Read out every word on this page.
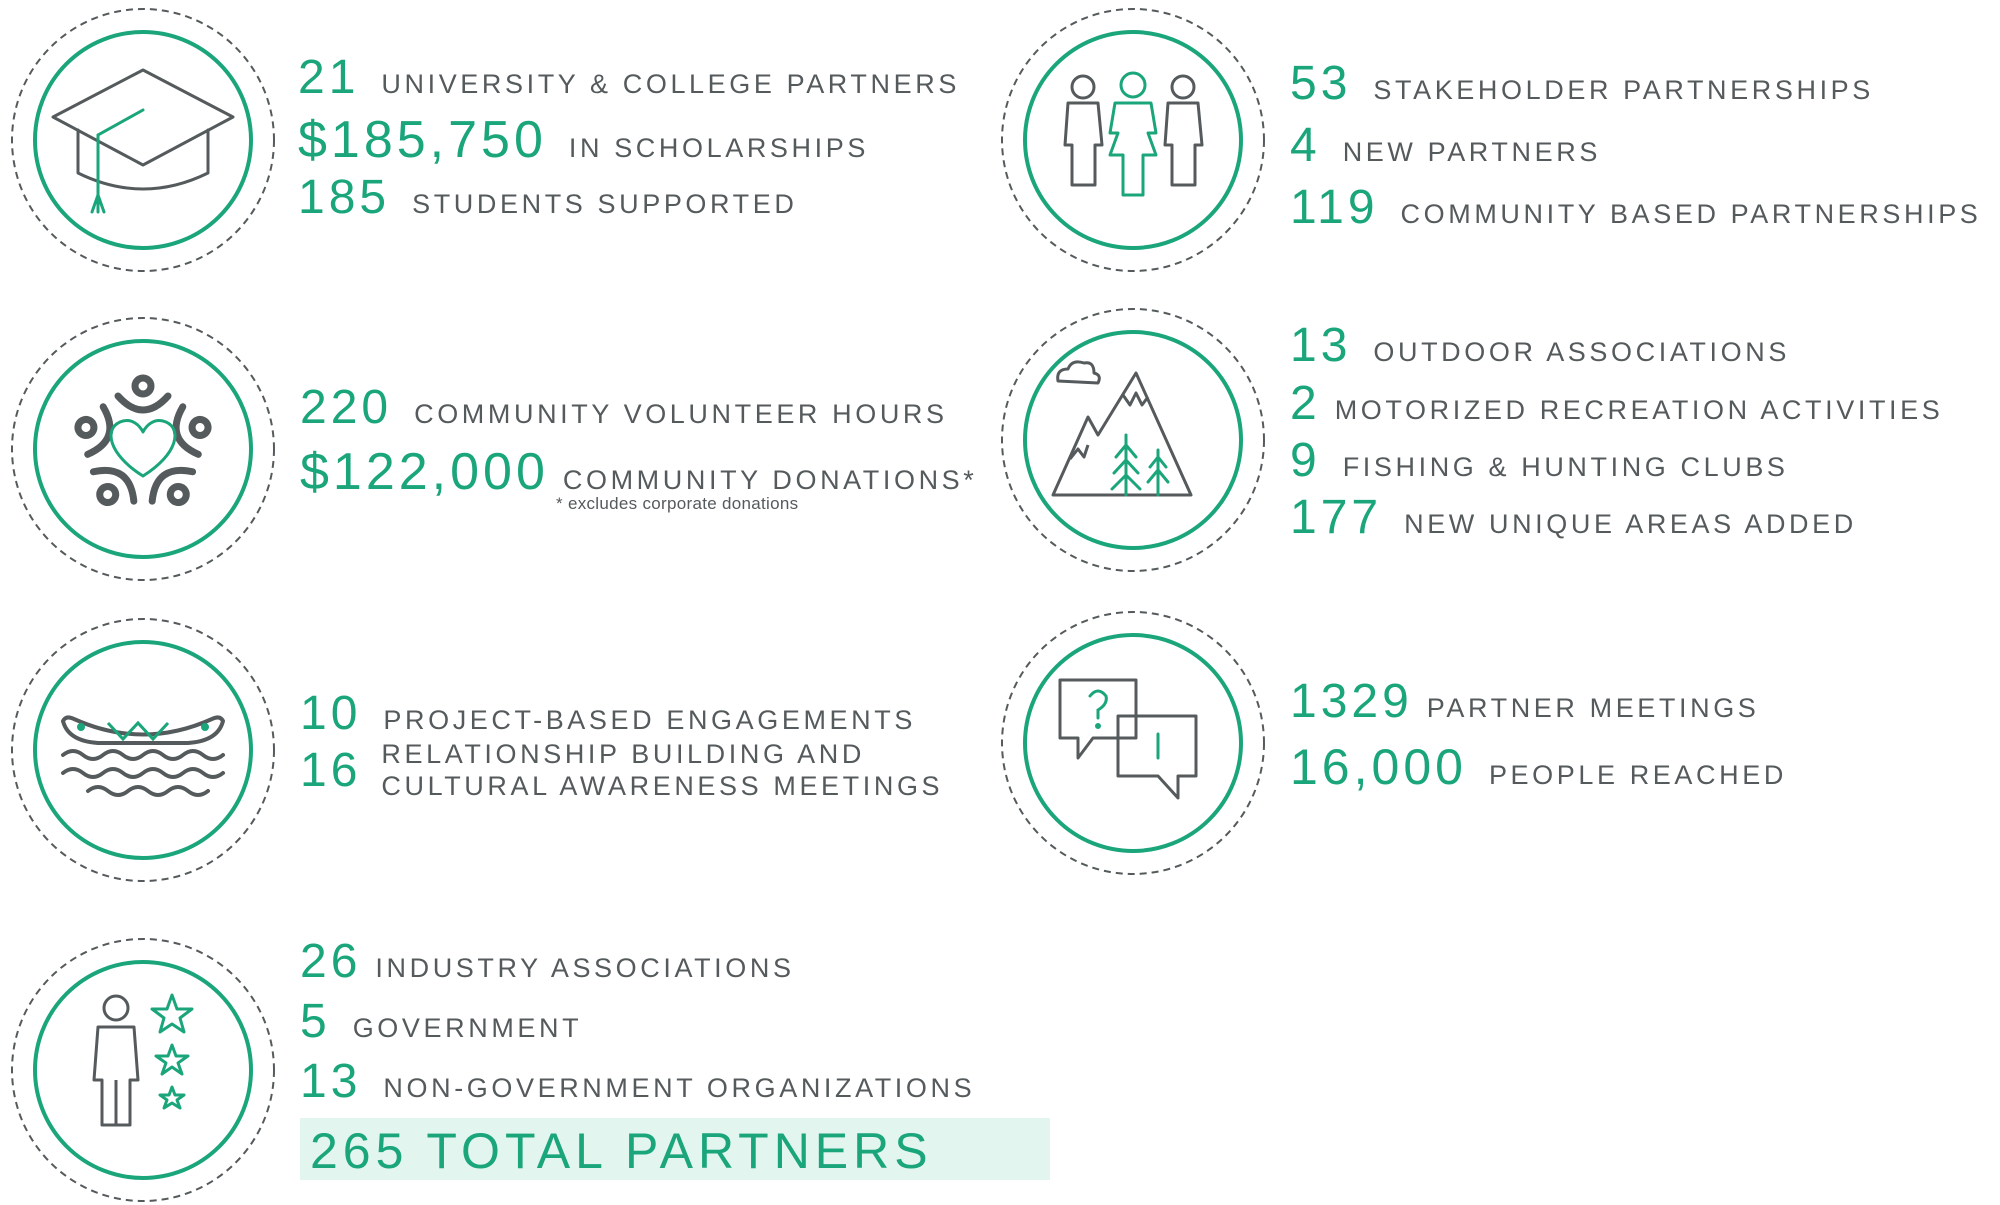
21 UNIVERSITY & COLLEGE PARTNERS
$185,750 IN SCHOLARSHIPS
185 STUDENTS SUPPORTED
220 COMMUNITY VOLUNTEER HOURS
$122,000 COMMUNITY DONATIONS*
* excludes corporate donations
10 PROJECT-BASED ENGAGEMENTS
16 RELATIONSHIP BUILDING AND
CULTURAL AWARENESS MEETINGS
26 INDUSTRY ASSOCIATIONS
5 GOVERNMENT
13 NON-GOVERNMENT ORGANIZATIONS
265 TOTAL PARTNERS
53 STAKEHOLDER PARTNERSHIPS
4 NEW PARTNERS
119 COMMUNITY BASED PARTNERSHIPS
13 OUTDOOR ASSOCIATIONS
2 MOTORIZED RECREATION ACTIVITIES
9 FISHING & HUNTING CLUBS
177 NEW UNIQUE AREAS ADDED
1329 PARTNER MEETINGS
16,000 PEOPLE REACHED
